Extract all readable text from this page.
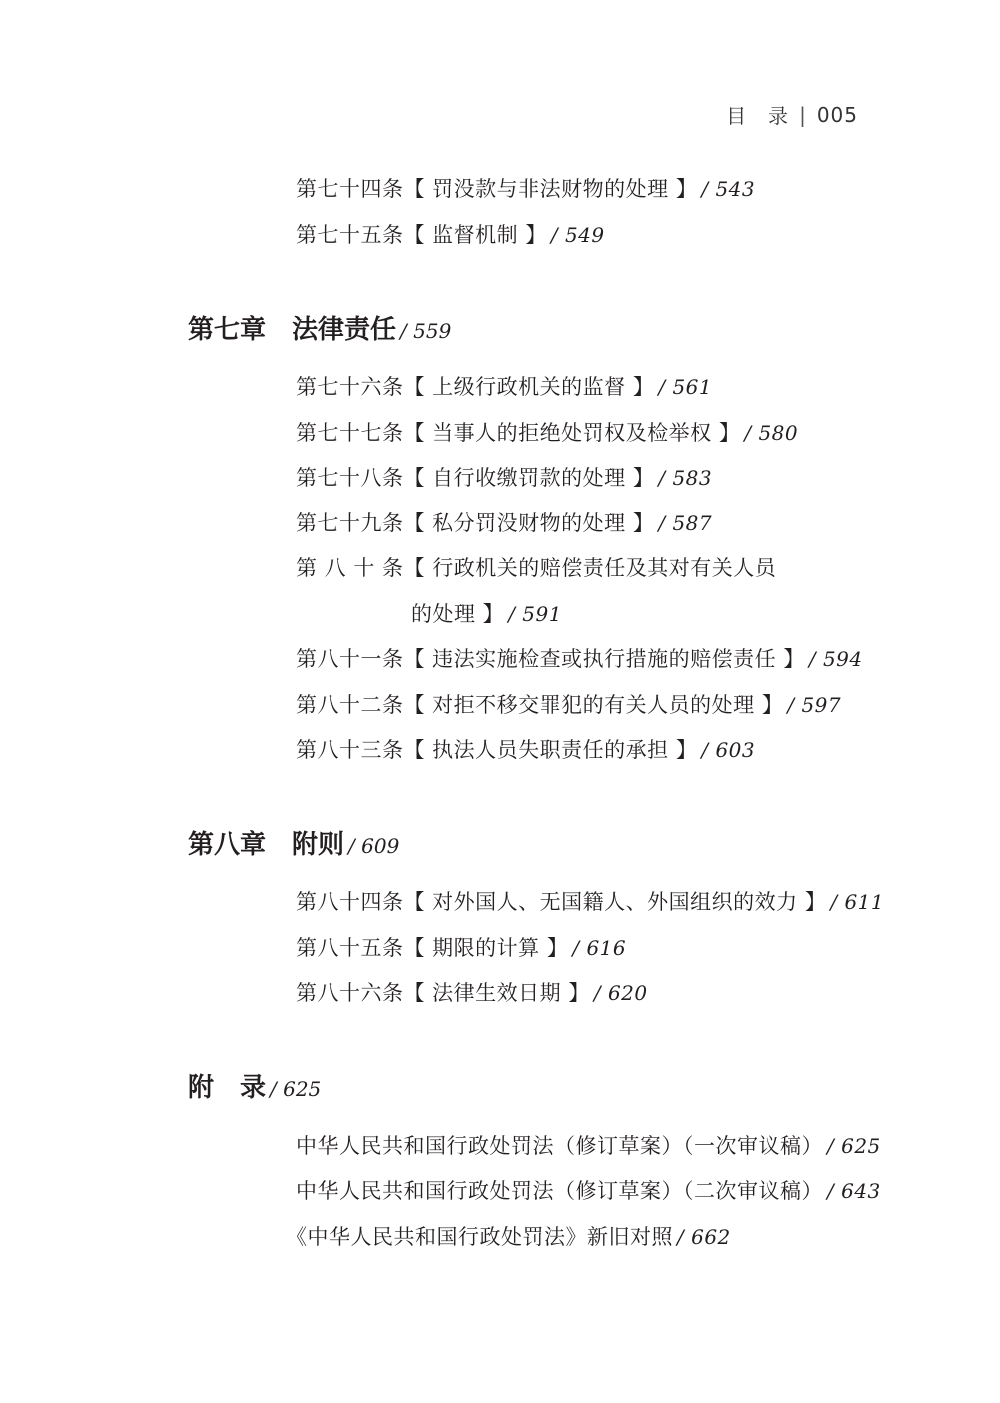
目　录 | 005
第七十四条【 罚没款与非法财物的处理 】 / 543
第七十五条【 监督机制 】 / 549
第七章 法律责任 / 559
第七十六条【 上级行政机关的监督 】 / 561
第七十七条【 当事人的拒绝处罚权及检举权 】 / 580
第七十八条【 自行收缴罚款的处理 】 / 583
第七十九条【 私分罚没财物的处理 】 / 587
第 八 十 条【 行政机关的赔偿责任及其对有关人员
的处理 】 / 591
第八十一条【 违法实施检查或执行措施的赔偿责任 】 / 594
第八十二条【 对拒不移交罪犯的有关人员的处理 】 / 597
第八十三条【 执法人员失职责任的承担 】 / 603
第八章 附则 / 609
第八十四条【 对外国人、无国籍人、外国组织的效力 】 / 611
第八十五条【 期限的计算 】 / 616
第八十六条【 法律生效日期 】 / 620
附　录 / 625
中华人民共和国行政处罚法（修订草案）（一次审议稿） / 625
中华人民共和国行政处罚法（修订草案）（二次审议稿） / 643
《中华人民共和国行政处罚法》新旧对照 / 662
